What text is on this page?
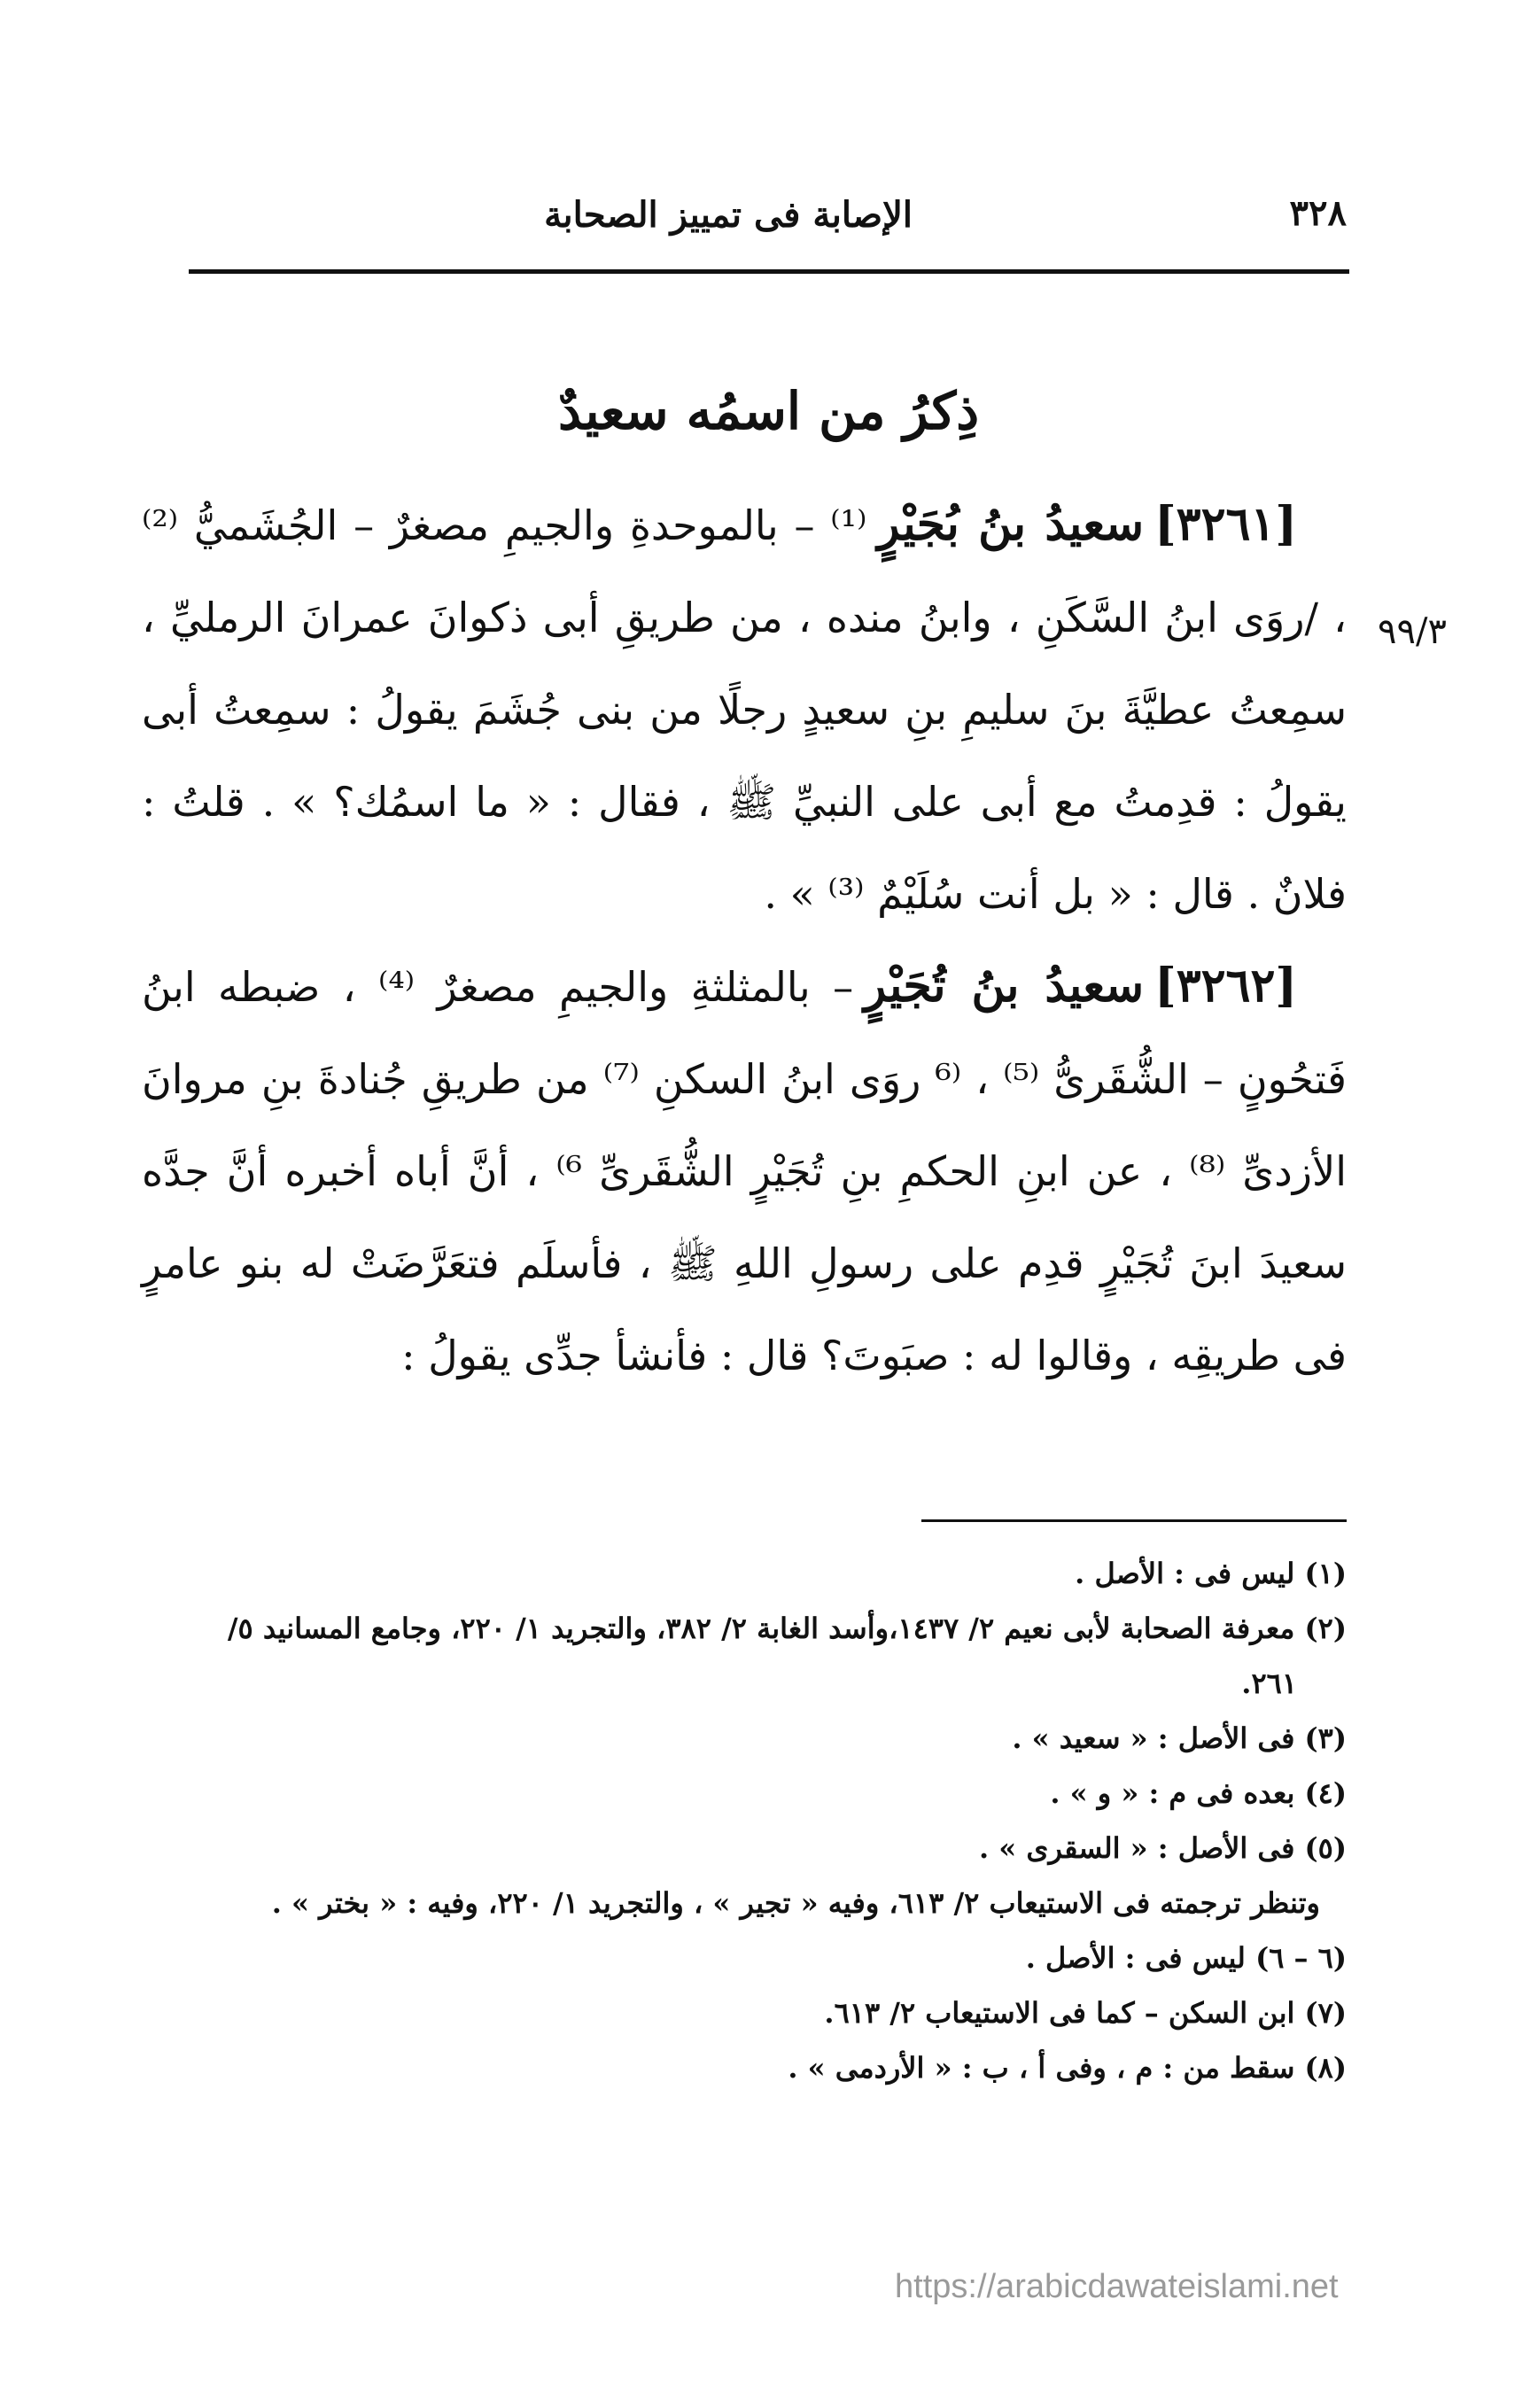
٣٢٨
الإصابة فى تمييز الصحابة
ذِكرُ من اسمُه سعيدٌ
٩٩/٣

[٣٢٦١]سعيدُ بنُ بُجَيْرٍ⁽¹⁾ – بالموحدةِ والجيمِ مصغرٌ – الجُشَميُّ ⁽²⁾ ، /روَى ابنُ السَّكَنِ ، وابنُ منده ، من طريقِ أبى ذكوانَ عمرانَ الرمليِّ ، سمِعتُ عطيَّةَ بنَ سليمِ بنِ سعيدٍ رجلًا من بنى جُشَمَ يقولُ : سمِعتُ أبى يقولُ : قدِمتُ مع أبى على النبيِّ ﷺ ، فقال : « ما اسمُك؟ » . قلتُ : فلانٌ . قال : « بل أنت سُلَيْمٌ ⁽³⁾ » .

[٣٢٦٢]سعيدُ بنُ تُجَيْرٍ– بالمثلثةِ والجيمِ مصغرٌ ⁽⁴⁾ ، ضبطه ابنُ فَتحُونٍ – الشُّقَرىُّ ⁽⁵⁾ ، ⁽⁶ روَى ابنُ السكنِ ⁽⁷⁾ من طريقِ جُنادةَ بنِ مروانَ الأزدىِّ ⁽⁸⁾ ، عن ابنِ الحكمِ بنِ تُجَيْرٍ الشُّقَرىِّ ⁶⁾ ، أنَّ أباه أخبره أنَّ جدَّه سعيدَ ابنَ تُجَيْرٍ قدِم على رسولِ اللهِ ﷺ ، فأسلَم فتعَرَّضَتْ له بنو عامرٍ فى طريقِه ، وقالوا له : صبَوتَ؟ قال : فأنشأ جدِّى يقولُ :

(١) ليس فى : الأصل .

(٢) معرفة الصحابة لأبى نعيم ٢/ ١٤٣٧،وأسد الغابة ٢/ ٣٨٢، والتجريد ١/ ٢٢٠، وجامع المسانيد ٥/

٢٦١.

(٣) فى الأصل : « سعيد » .

(٤) بعده فى م : « و » .

(٥) فى الأصل : « السقرى » .

وتنظر ترجمته فى الاستيعاب ٢/ ٦١٣، وفيه « تجير » ، والتجريد ١/ ٢٢٠، وفيه : « بختر » .

(٦ – ٦) ليس فى : الأصل .

(٧) ابن السكن – كما فى الاستيعاب ٢/ ٦١٣.

(٨) سقط من : م ، وفى أ ، ب : « الأردمى » .

https://arabicdawateislami.net
